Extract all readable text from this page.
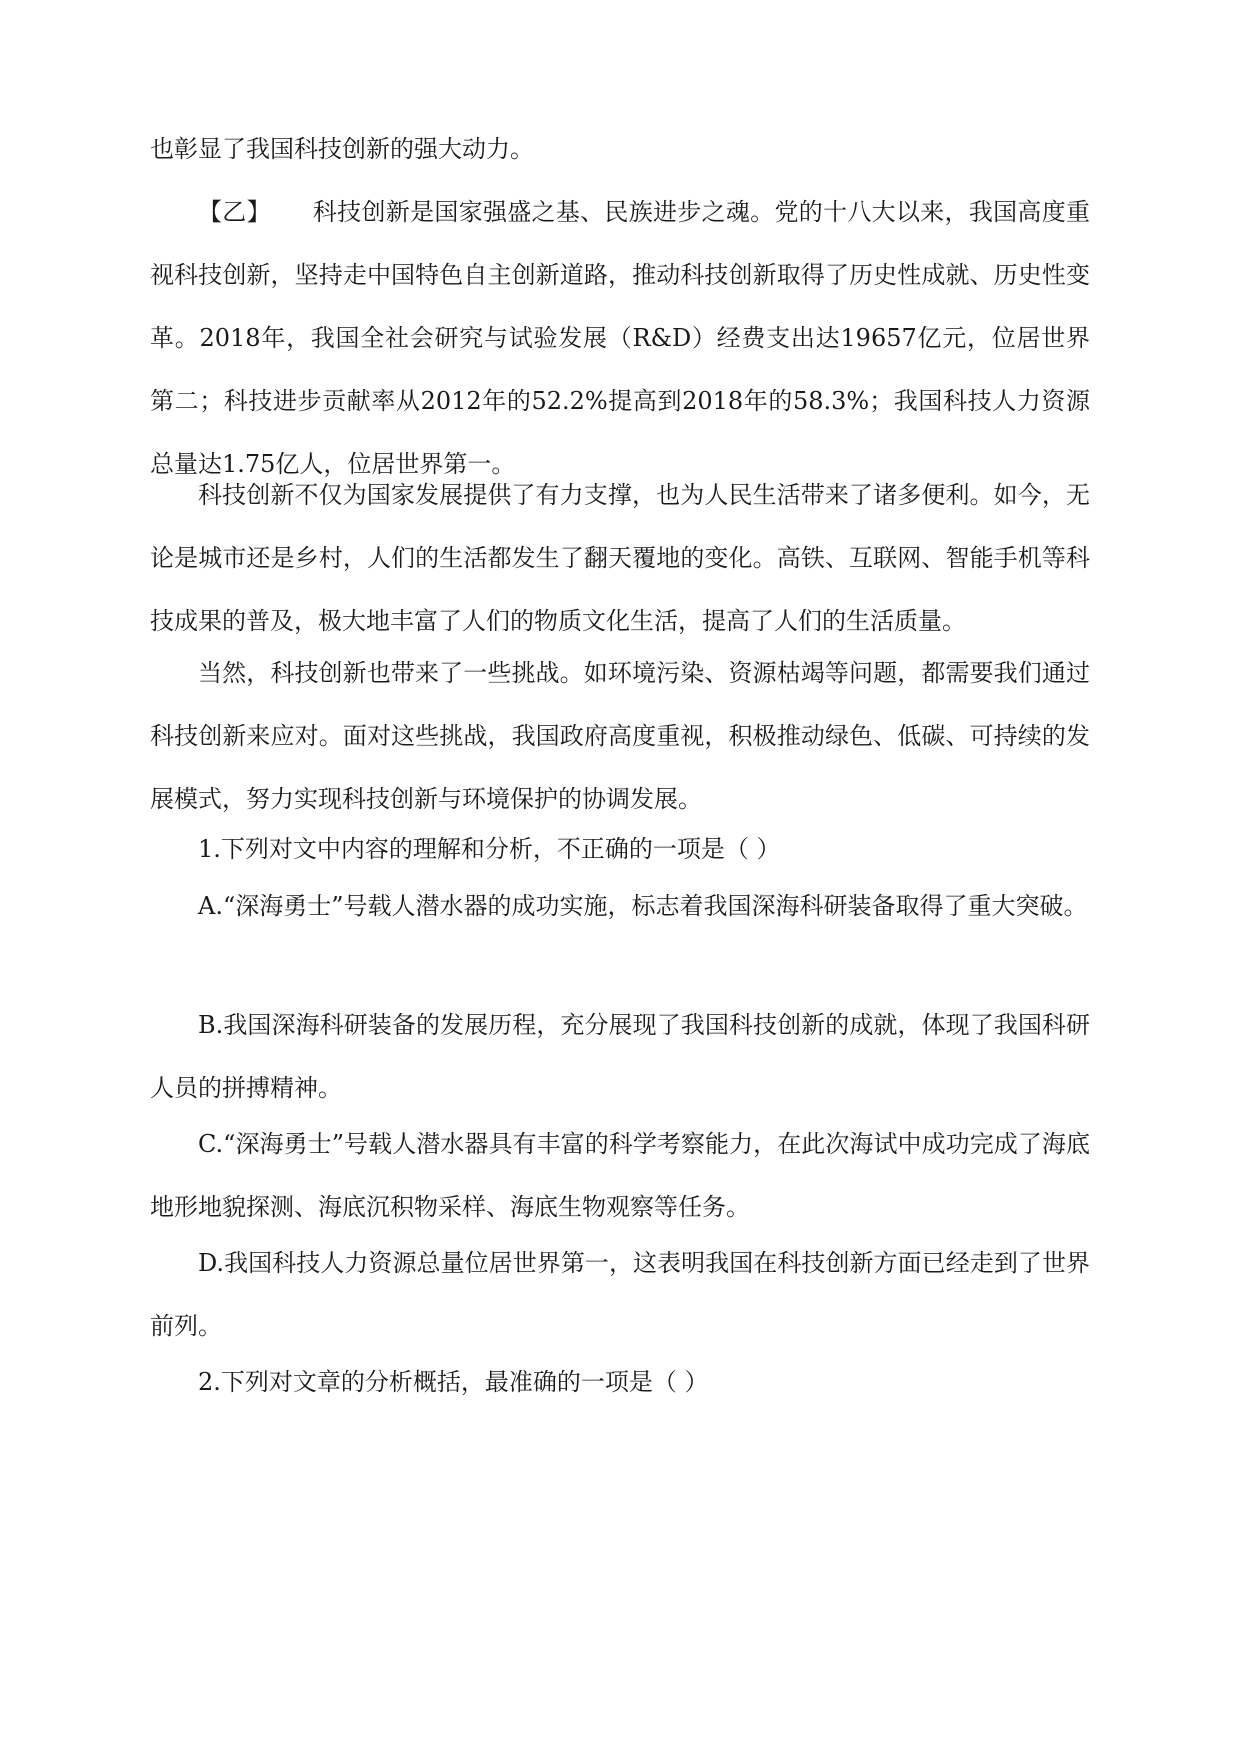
也彰显了我国科技创新的强大动力。

【乙】 科技创新是国家强盛之基、民族进步之魂。党的十八大以来，我国高度重视科技创新，坚持走中国特色自主创新道路，推动科技创新取得了历史性成就、历史性变革。2018年，我国全社会研究与试验发展（R&D）经费支出达19657亿元，位居世界第二；科技进步贡献率从2012年的52.2%提高到2018年的58.3%；我国科技人力资源总量达1.75亿人，位居世界第一。

科技创新不仅为国家发展提供了有力支撑，也为人民生活带来了诸多便利。如今，无论是城市还是乡村，人们的生活都发生了翻天覆地的变化。高铁、互联网、智能手机等科技成果的普及，极大地丰富了人们的物质文化生活，提高了人们的生活质量。

当然，科技创新也带来了一些挑战。如环境污染、资源枯竭等问题，都需要我们通过科技创新来应对。面对这些挑战，我国政府高度重视，积极推动绿色、低碳、可持续的发展模式，努力实现科技创新与环境保护的协调发展。

1.下列对文中内容的理解和分析，不正确的一项是（ ）

A.“深海勇士”号载人潜水器的成功实施，标志着我国深海科研装备取得了重大突破。

B.我国深海科研装备的发展历程，充分展现了我国科技创新的成就，体现了我国科研人员的拼搏精神。

C.“深海勇士”号载人潜水器具有丰富的科学考察能力，在此次海试中成功完成了海底地形地貌探测、海底沉积物采样、海底生物观察等任务。

D.我国科技人力资源总量位居世界第一，这表明我国在科技创新方面已经走到了世界前列。

2.下列对文章的分析概括，最准确的一项是（ ）
